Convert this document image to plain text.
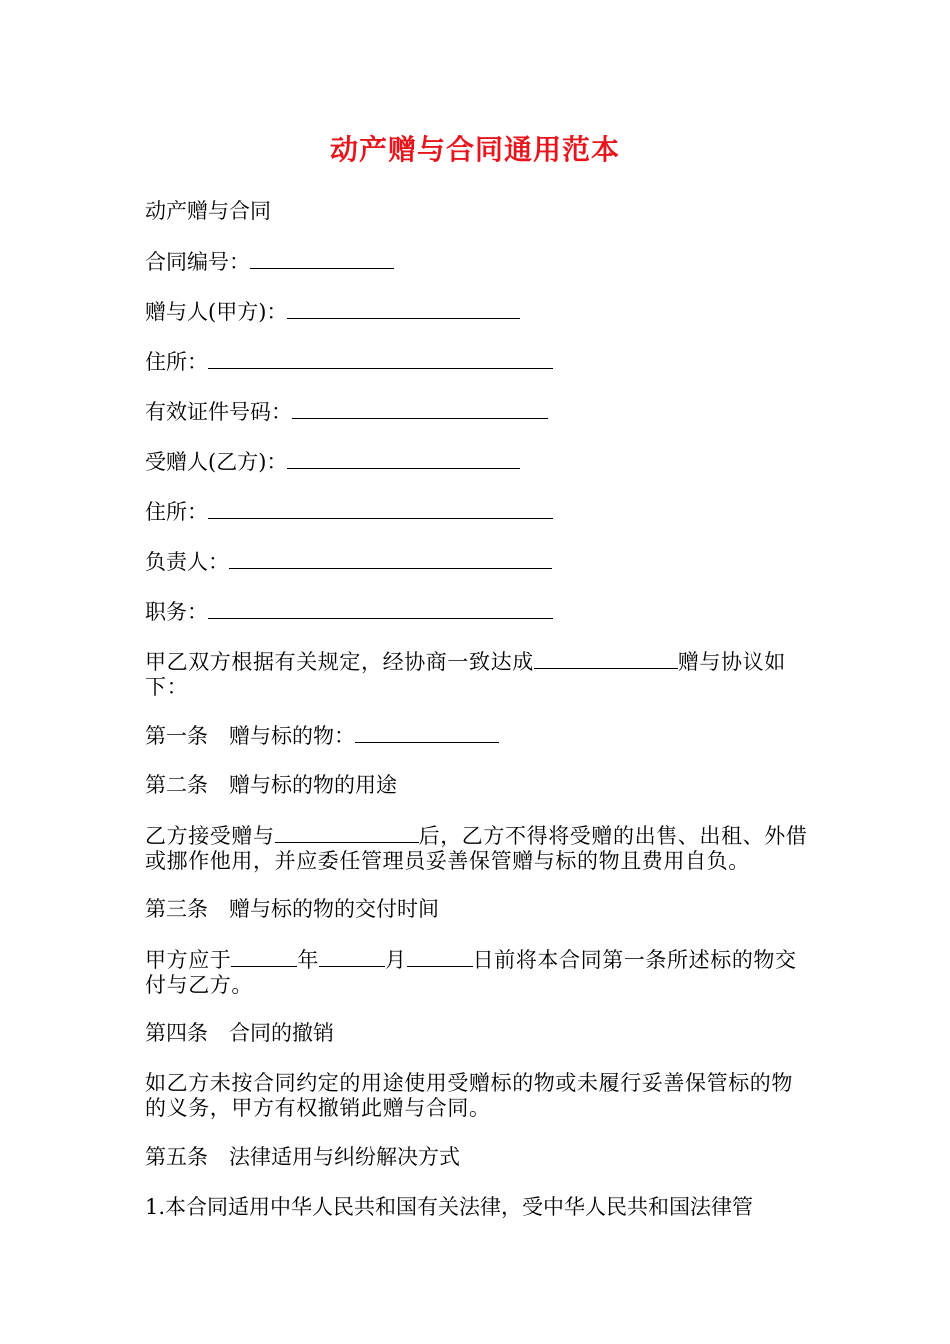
动产赠与合同通用范本
动产赠与合同
合同编号：
赠与人(甲方)：
住所：
有效证件号码：
受赠人(乙方)：
住所：
负责人：
职务：
甲乙双方根据有关规定，经协商一致达成	赠与协议如下：
第一条　赠与标的物：
第二条　赠与标的物的用途
乙方接受赠与	后，乙方不得将受赠的出售、出租、外借或挪作他用，并应委任管理员妥善保管赠与标的物且费用自负。
第三条　赠与标的物的交付时间
甲方应于	年	月	日前将本合同第一条所述标的物交付与乙方。
第四条　合同的撤销
如乙方未按合同约定的用途使用受赠标的物或未履行妥善保管标的物的义务，甲方有权撤销此赠与合同。
第五条　法律适用与纠纷解决方式
1.本合同适用中华人民共和国有关法律，受中华人民共和国法律管
